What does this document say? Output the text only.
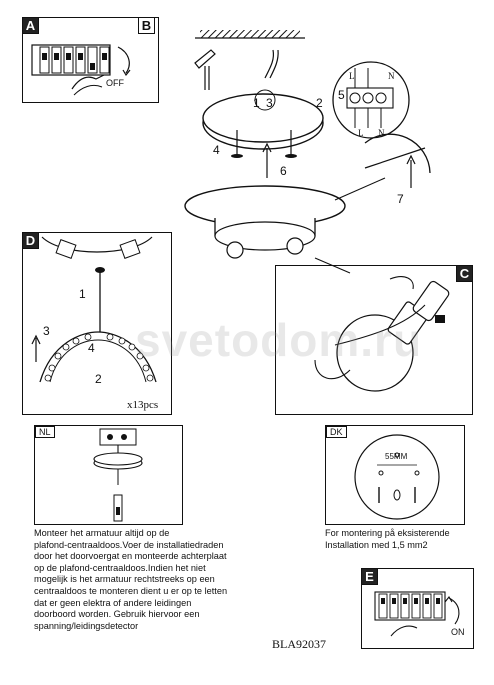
A	B
OFF
1	2
3
4
5
6
7
L	N
L N
D
1
2
3
4
x13pcs
C
svetodom.ru
NL
Monteer het armatuur altijd op de
plafond-centraaldoos.Voer de installatiedraden
door het doorvoergat en monteerde achterplaat
op de plafond-centraaldoos.Indien het niet
mogelijk is het armatuur rechtstreeks op een
centraaldoos te monteren dient u er op te letten
dat er geen elektra of andere leidingen
doorboord worden. Gebruik hiervoor een
spanning/leidingsdetector
DK
55MM
For montering på eksisterende
Installation med 1,5 mm2
E
ON
BLA92037
